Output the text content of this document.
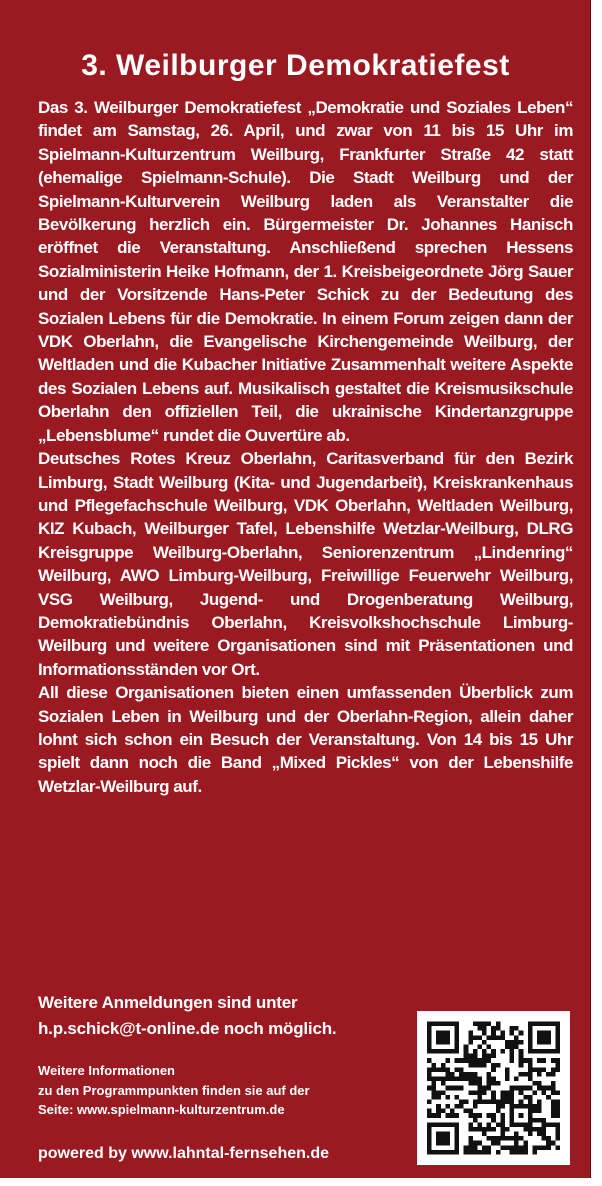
3. Weilburger Demokratiefest

Das 3. Weilburger Demokratiefest „Demokratie und Soziales Leben“ findet am Samstag, 26. April, und zwar von 11 bis 15 Uhr im Spielmann-Kulturzentrum Weilburg, Frankfurter Straße 42 statt (ehemalige Spielmann-Schule). Die Stadt Weilburg und der Spielmann-Kulturverein Weilburg laden als Veranstalter die Bevölkerung herzlich ein. Bürgermeister Dr. Johannes Hanisch eröffnet die Veranstaltung. Anschließend sprechen Hessens Sozialministerin Heike Hofmann, der 1. Kreisbeigeordnete Jörg Sauer und der Vorsitzende Hans-Peter Schick zu der Bedeutung des Sozialen Lebens für die Demokratie. In einem Forum zeigen dann der VDK Oberlahn, die Evangelische Kirchengemeinde Weilburg, der Weltladen und die Kubacher Initiative Zusammenhalt weitere Aspekte des Sozialen Lebens auf. Musikalisch gestaltet die Kreismusikschule Oberlahn den offiziellen Teil, die ukrainische Kindertanzgruppe „Lebensblume“ rundet die Ouvertüre ab.

Deutsches Rotes Kreuz Oberlahn, Caritasverband für den Bezirk Limburg, Stadt Weilburg (Kita- und Jugendarbeit), Kreiskrankenhaus und Pflegefachschule Weilburg, VDK Oberlahn, Weltladen Weilburg, KIZ Kubach, Weilburger Tafel, Lebenshilfe Wetzlar-Weilburg, DLRG Kreisgruppe Weilburg-Oberlahn, Seniorenzentrum „Lindenring“ Weilburg, AWO Limburg-Weilburg, Freiwillige Feuerwehr Weilburg, VSG Weilburg, Jugend- und Drogenberatung Weilburg, Demokratiebündnis Oberlahn, Kreisvolkshochschule Limburg-Weilburg und weitere Organisationen sind mit Präsentationen und Informationsständen vor Ort.

All diese Organisationen bieten einen umfassenden Überblick zum Sozialen Leben in Weilburg und der Oberlahn-Region, allein daher lohnt sich schon ein Besuch der Veranstaltung. Von 14 bis 15 Uhr spielt dann noch die Band „Mixed Pickles“ von der Lebenshilfe Wetzlar-Weilburg auf.

Weitere Anmeldungen sind unter
h.p.schick@t-online.de noch möglich.
Weitere Informationen
zu den Programmpunkten finden sie auf der
Seite: www.spielmann-kulturzentrum.de
powered by www.lahntal-fernsehen.de
